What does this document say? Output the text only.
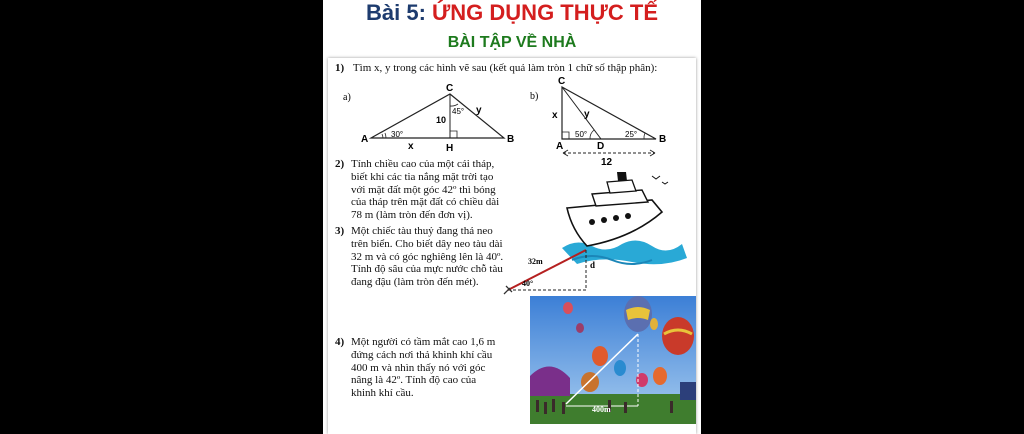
Bài 5: ỨNG DỤNG THỰC TẾ
BÀI TẬP VỀ NHÀ
1) Tìm x, y trong các hình vẽ sau (kết quả làm tròn 1 chữ số thập phân):
a)
A	B
C
H
30°
45°
10
x
y
b)
C
A
B
D
50°	25°
x	y
12
2) Tính chiều cao của một cái tháp,
biết khi các tia nắng mặt trời tạo
với mặt đất một góc 42º thì bóng
của tháp trên mặt đất có chiều dài
78 m (làm tròn đến đơn vị).
3) Một chiếc tàu thuỷ đang thả neo
trên biển. Cho biết dây neo tàu dài
32 m và có góc nghiêng lên là 40º.
Tính độ sâu của mực nước chỗ tàu
đang đậu (làm tròn đến mét).
32m	d
40°
4) Một người có tầm mắt cao 1,6 m
đứng cách nơi thả khinh khí cầu
400 m và nhìn thấy nó với góc
nâng là 42º. Tính độ cao của
khinh khí cầu.
400m
